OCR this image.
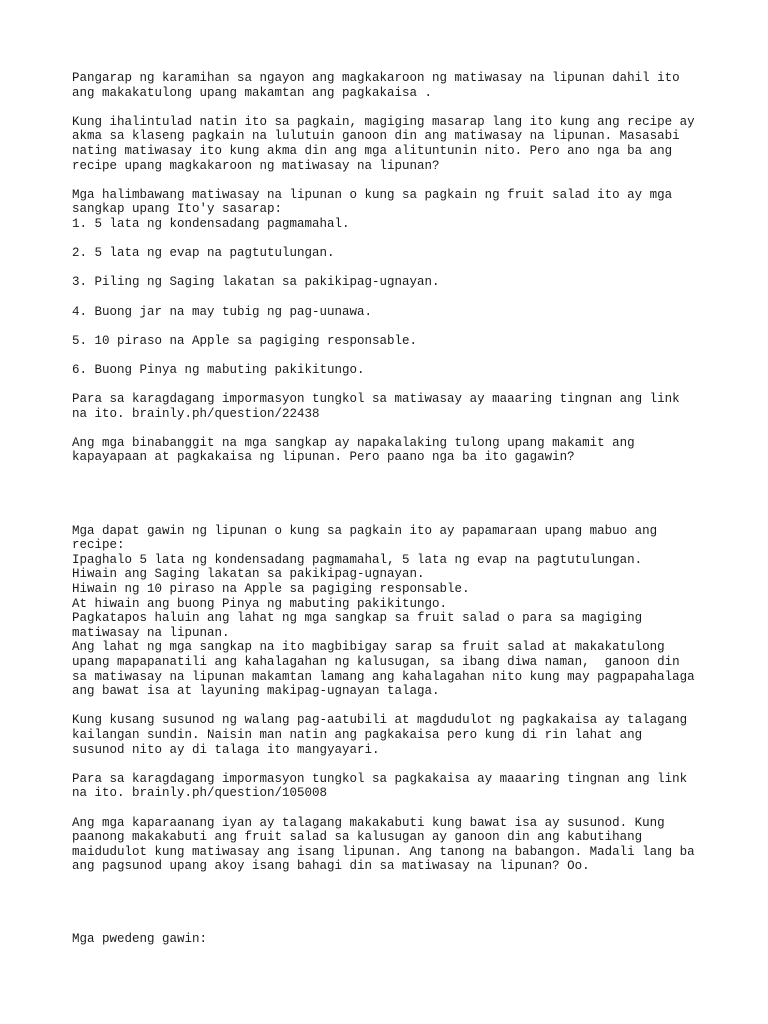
Pangarap ng karamihan sa ngayon ang magkakaroon ng matiwasay na lipunan dahil ito
ang makakatulong upang makamtan ang pagkakaisa .
Kung ihalintulad natin ito sa pagkain, magiging masarap lang ito kung ang recipe ay
akma sa klaseng pagkain na lulutuin ganoon din ang matiwasay na lipunan. Masasabi
nating matiwasay ito kung akma din ang mga alituntunin nito. Pero ano nga ba ang
recipe upang magkakaroon ng matiwasay na lipunan?
Mga halimbawang matiwasay na lipunan o kung sa pagkain ng fruit salad ito ay mga
sangkap upang Ito'y sasarap:
1. 5 lata ng kondensadang pagmamahal.
2. 5 lata ng evap na pagtutulungan.
3. Piling ng Saging lakatan sa pakikipag-ugnayan.
4. Buong jar na may tubig ng pag-uunawa.
5. 10 piraso na Apple sa pagiging responsable.
6. Buong Pinya ng mabuting pakikitungo.
Para sa karagdagang impormasyon tungkol sa matiwasay ay maaaring tingnan ang link
na ito. brainly.ph/question/22438
Ang mga binabanggit na mga sangkap ay napakalaking tulong upang makamit ang
kapayapaan at pagkakaisa ng lipunan. Pero paano nga ba ito gagawin?
Mga dapat gawin ng lipunan o kung sa pagkain ito ay papamaraan upang mabuo ang
recipe:
Ipaghalo 5 lata ng kondensadang pagmamahal, 5 lata ng evap na pagtutulungan.
Hiwain ang Saging lakatan sa pakikipag-ugnayan.
Hiwain ng 10 piraso na Apple sa pagiging responsable.
At hiwain ang buong Pinya ng mabuting pakikitungo.
Pagkatapos haluin ang lahat ng mga sangkap sa fruit salad o para sa magiging
matiwasay na lipunan.
Ang lahat ng mga sangkap na ito magbibigay sarap sa fruit salad at makakatulong
upang mapapanatili ang kahalagahan ng kalusugan, sa ibang diwa naman,  ganoon din
sa matiwasay na lipunan makamtan lamang ang kahalagahan nito kung may pagpapahalaga
ang bawat isa at layuning makipag-ugnayan talaga.
Kung kusang susunod ng walang pag-aatubili at magdudulot ng pagkakaisa ay talagang
kailangan sundin. Naisin man natin ang pagkakaisa pero kung di rin lahat ang
susunod nito ay di talaga ito mangyayari.
Para sa karagdagang impormasyon tungkol sa pagkakaisa ay maaaring tingnan ang link
na ito. brainly.ph/question/105008
Ang mga kaparaanang iyan ay talagang makakabuti kung bawat isa ay susunod. Kung
paanong makakabuti ang fruit salad sa kalusugan ay ganoon din ang kabutihang
maidudulot kung matiwasay ang isang lipunan. Ang tanong na babangon. Madali lang ba
ang pagsunod upang akoy isang bahagi din sa matiwasay na lipunan? Oo.
Mga pwedeng gawin:
